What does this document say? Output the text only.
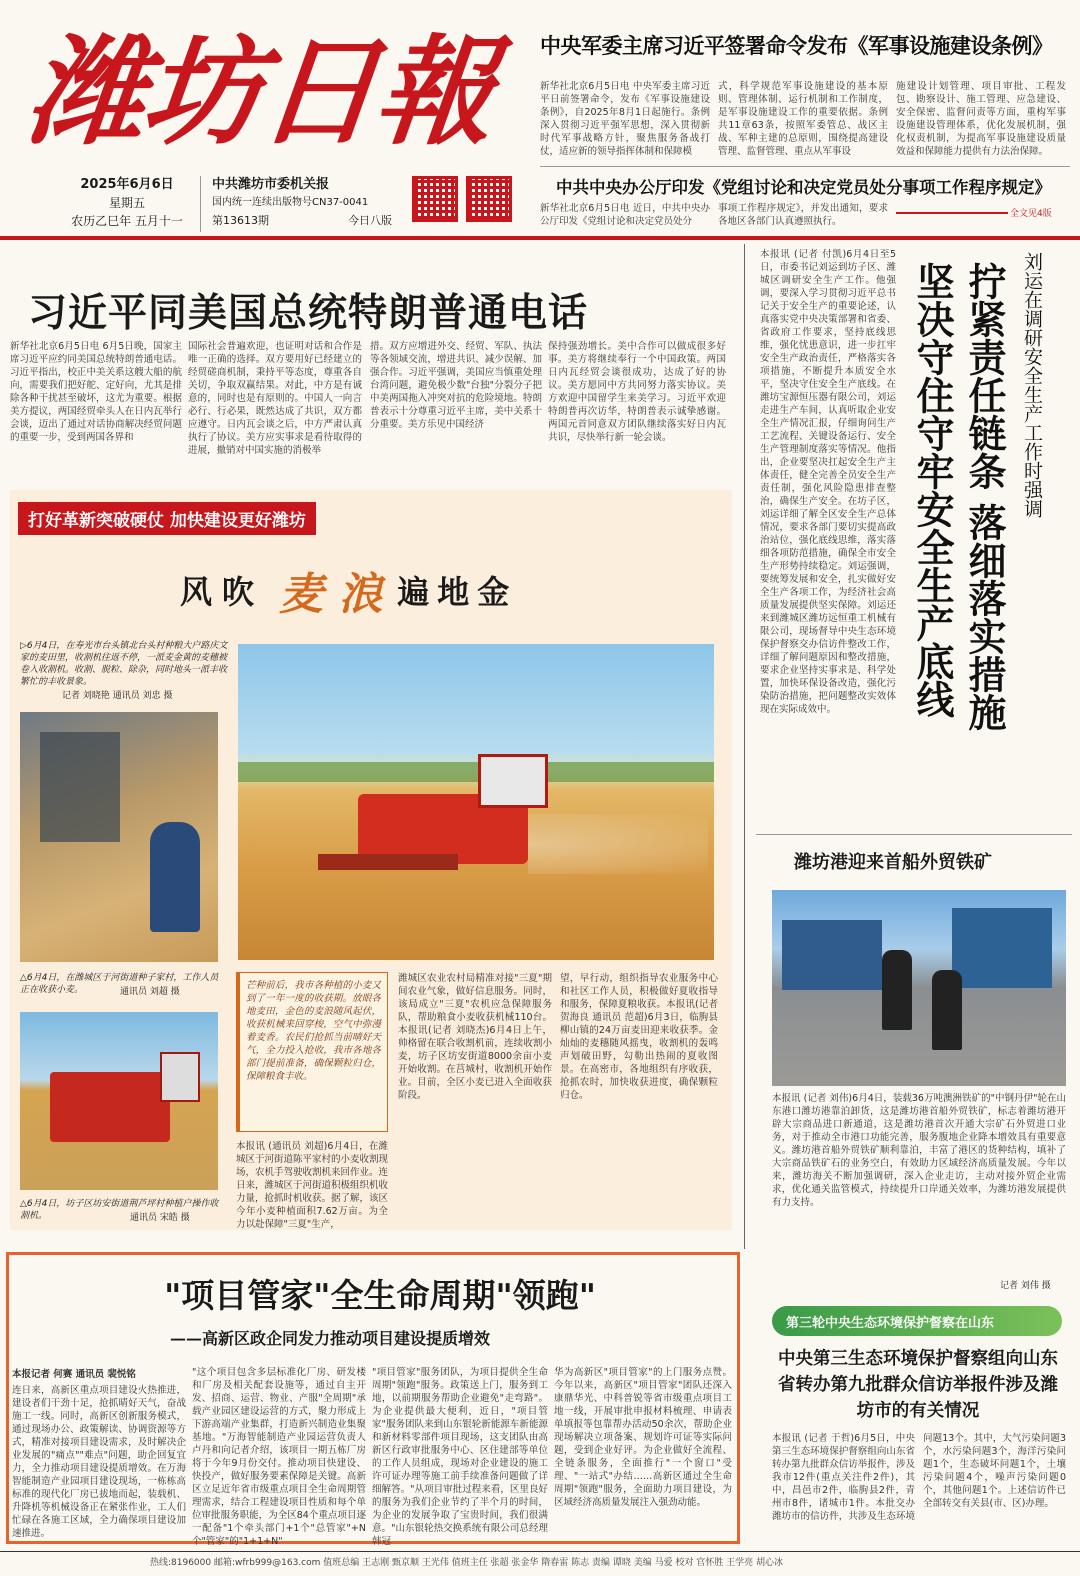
潍坊日報
2025年6月6日
星期五
农历乙巳年 五月十一
中共潍坊市委机关报
国内统一连续出版物号CN37-0041
第13613期	今日八版
中央军委主席习近平签署命令发布《军事设施建设条例》
新华社北京6月5日电 中央军委主席习近平日前签署命令，发布《军事设施建设条例》，自2025年8月1日起施行。条例深入贯彻习近平强军思想，深入贯彻新时代军事战略方针，聚焦服务备战打仗，适应新的领导指挥体制和保障模
式，科学规范军事设施建设的基本原则、管理体制、运行机制和工作制度，是军事设施建设工作的重要依据。条例共11章63条，按照军委管总、战区主战、军种主建的总原则，围绕提高建设管理、监督管理、重点从军事设
施建设计划管理、项目审批、工程发包、勘察设计、施工管理、应急建设、安全保密、监督问责等方面，重构军事设施建设管理体系，优化发展机制，强化权责机制，为提高军事设施建设质量效益和保障能力提供有力法治保障。
中共中央办公厅印发《党组讨论和决定党员处分事项工作程序规定》
新华社北京6月5日电 近日，中共中央办公厅印发《党组讨论和决定党员处分
事项工作程序规定》，并发出通知，要求各地区各部门认真遵照执行。
全文见4版
习近平同美国总统特朗普通电话
新华社北京6月5日电 6月5日晚，国家主席习近平应约同美国总统特朗普通电话。习近平指出，校正中美关系这艘大船的航向，需要我们把好舵、定好向，尤其是排除各种干扰甚至破坏，这尤为重要。根据美方提议，两国经贸牵头人在日内瓦举行会谈，迈出了通过对话协商解决经贸问题的重要一步，受到两国各界和
国际社会普遍欢迎，也证明对话和合作是唯一正确的选择。双方要用好已经建立的经贸磋商机制，秉持平等态度，尊重各自关切，争取双赢结果。对此，中方是有诚意的，同时也是有原则的。中国人一向言必行、行必果，既然达成了共识，双方都应遵守。日内瓦会谈之后，中方严肃认真执行了协议。美方应实事求是看待取得的进展，撤销对中国实施的消极举
措。双方应增进外交、经贸、军队、执法等各领域交流，增进共识、减少误解、加强合作。习近平强调，美国应当慎重处理台湾问题，避免极少数"台独"分裂分子把中美两国拖入冲突对抗的危险境地。特朗普表示十分尊重习近平主席，美中关系十分重要。美方乐见中国经济
保持强劲增长。美中合作可以做成很多好事。美方将继续奉行一个中国政策。两国日内瓦经贸会谈很成功，达成了好的协议。美方愿同中方共同努力落实协议。美方欢迎中国留学生来美学习。习近平欢迎特朗普再次访华，特朗普表示诚挚感谢。两国元首同意双方团队继续落实好日内瓦共识，尽快举行新一轮会谈。
打好革新突破硬仗 加快建设更好潍坊
风吹 麦 浪 遍地金
▷6月4日，在寿光市台头镇北台头村种粮大户路庆文家的麦田里，收割机往返不停，一派麦金黄的麦穗被卷入收割机。收割、脱粒、除杂，同时地头一派丰收繁忙的丰收景象。
记者 刘晓艳 通讯员 刘忠 摄
△6月4日，在潍城区于河街道种子家村，工作人员正在收获小麦。	通讯员 刘超 摄
△6月4日，坊子区坊安街道荆芦坪村种植户操作收割机。	通讯员 宋皓 摄
芒种前后，我市各种植的小麦又到了一年一度的收获期。放眼各地麦田，金色的麦浪随风起伏，收获机械来回穿梭，空气中弥漫着麦香。农民们抢抓当前晴好天气，全力投入抢收，我市各地各部门提前准备，确保颗粒归仓，保障粮食丰收。
本报讯 (通讯员 刘超)6月4日，在潍城区于河街道陈平家村的小麦收割现场，农机手驾驶收割机来回作业。连日来，潍城区于河街道积极组织机收力量，抢抓时机收获。据了解，该区今年小麦种植面积7.62万亩。为全力以赴保障"三夏"生产，
潍城区农业农村局精准对接"三夏"期间农业气象，做好信息服务。同时，该局成立"三夏"农机应急保障服务队，帮助粮食小麦收获机械110台。本报讯(记者 刘晓杰)6月4日上午，帅格留在联合收割机前，连续收割小麦，坊子区坊安街道8000余亩小麦开始收割。在莒城村，收割机开始作业。目前，全区小麦已进入全面收获阶段。
望，早行动，组织指导农业服务中心和社区工作人员，积极做好夏收指导和服务，保障夏粮收获。本报讯(记者 贺海良 通讯员 范超)6月3日，临朐县柳山镇的24万亩麦田迎来收获季。金灿灿的麦穗随风摇曳，收割机的轰鸣声划破田野，勾勒出热闹的夏收图景。在高密市，各地组织有序收获，抢抓农时，加快收获进度，确保颗粒归仓。
本报讯 (记者 付凯)6月4日至5日，市委书记刘运到坊子区、潍城区调研安全生产工作。他强调，要深入学习贯彻习近平总书记关于安全生产的重要论述，认真落实党中央决策部署和省委、省政府工作要求，坚持底线思维，强化忧患意识，进一步扛牢安全生产政治责任，严格落实各项措施，不断提升本质安全水平，坚决守住安全生产底线。在潍坊宝源恒压器有限公司，刘运走进生产车间，认真听取企业安全生产情况汇报，仔细询问生产工艺流程、关键设备运行、安全生产管理制度落实等情况。他指出，企业要坚决扛起安全生产主体责任，健全完善全员安全生产责任制，强化风险隐患排查整治，确保生产安全。在坊子区，刘运详细了解全区安全生产总体情况，要求各部门要切实提高政治站位，强化底线思维，落实落细各项防范措施，确保全市安全生产形势持续稳定。刘运强调，要统筹发展和安全，扎实做好安全生产各项工作，为经济社会高质量发展提供坚实保障。刘运还来到潍城区潍坊远恒重工机械有限公司，现场督导中央生态环境保护督察交办信访件整改工作，详细了解问题原因和整改措施，要求企业坚持实事求是、科学处置，加快环保设备改造，强化污染防治措施，把问题整改实效体现在实际成效中。	坚决守住守牢安全生产底线 拧紧责任链条 落细落实措施 刘运在调研安全生产工作时强调
潍坊港迎来首船外贸铁矿
本报讯 (记者 刘伟)6月4日，装载36万吨澳洲铁矿的"中钢丹伊"轮在山东港口潍坊港靠泊卸货，这是潍坊港首船外贸铁矿，标志着潍坊港开辟大宗商品进口新通道，这是潍坊港首次开通大宗矿石外贸进口业务，对于推动全市港口功能完善，服务腹地企业降本增效具有重要意义。潍坊港首船外贸铁矿顺利靠泊，丰富了港区的货种结构，填补了大宗商品铁矿石的业务空白，有效助力区域经济高质量发展。今年以来，潍坊海关不断加强调研，深入企业走访，主动对接外贸企业需求，优化通关监管模式，持续提升口岸通关效率，为潍坊港发展提供有力支持。
记者 刘伟 摄
第三轮中央生态环境保护督察在山东
中央第三生态环境保护督察组向山东省转办第九批群众信访举报件涉及潍坊市的有关情况
本报讯 (记者 于哲)6月5日，中央第三生态环境保护督察组向山东省转办第九批群众信访举报件，涉及我市12件(重点关注件2件)，其中，昌邑市2件，临朐县2件，青州市8件，诸城市1件。本批交办潍坊市的信访件，共涉及生态环境问题13个。其中，大气污染问题3个，水污染问题3个，海洋污染问题1个，生态破坏问题1个，土壤污染问题4个，噪声污染问题0个，其他问题1个。上述信访件已全部转交有关县(市、区)办理。
"项目管家"全生命周期"领跑"
——高新区政企同发力推动项目建设提质增效
本报记者 何赛 通讯员 裴悦铭
连日来，高新区重点项目建设火热推进，建设者们干劲十足，抢抓晴好天气，奋战施工一线。同时，高新区创新服务模式，通过现场办公、政策解读、协调资源等方式，精准对接项目建设需求，及时解决企业发展的"痛点""难点"问题，助企回复宜力，全力推动项目建设提质增效。在万海智能制造产业园项目建设现场，一栋栋高标准的现代化厂房已拔地而起，装载机、升降机等机械设备正在紧张作业，工人们忙碌在各施工区域，全力确保项目建设加速推进。
"这个项目包含多层标准化厂房、研发楼和厂房及相关配套设施等，通过自主开发、招商、运营、物业、产服"全周期"承载产业园区建设运营的方式，聚力形成上下游高端产业集群，打造新兴制造业集聚基地。"万海智能制造产业园运营负责人卢丹和向记者介绍，该项目一期五栋厂房将于今年9月份交付。推动项目快建设、快投产，做好服务要素保障是关键。高新区立足近年省市级重点项目全生命周期管理需求，结合工程建设项目性质和每个单位审批服务职能，为全区84个重点项目逐一配备"1个牵头部门+1个"总管家"+N个"管家"的"1+1+N"
"项目管家"服务团队，为项目提供全生命周期"领跑"服务。政策送上门，服务到工地，以前期服务帮助企业避免"走弯路"。为企业提供最大便利，近日，"项目管家"服务团队来到山东银轮新能源车新能源和新材料零部件项目现场，这支团队由高新区行政审批服务中心、区住建部等单位的工作人员组成，现场对企业建设的施工许可证办理等施工前手续准备问题做了详细解答。"从项目审批过程来看，区里良好的服务为我们企业节约了半个月的时间，为企业的发展争取了宝贵时间，我们很满意。"山东银轮热交换系统有限公司总经理韩冠
华为高新区"项目管家"的上门服务点赞。今年以来，高新区"项目管家"团队还深入康鼎华光、中科普锐等省市级重点项目工地一线，开展审批申报材料梳理、申请表单填报等包靠帮办活动50余次，帮助企业现场解决立项备案、规划许可证等实际问题，受到企业好评。为企业做好全流程、全链条服务，全面推行"一个窗口"受理、"一站式"办结……高新区通过全生命周期"领跑"服务，全面助力项目建设，为区域经济高质量发展注入强劲动能。
热线:8196000 邮箱:wfrb999@163.com 值班总编 王志刚 甄京顺 王光伟 值班主任 张超 张金华 隋春雷 陈志 责编 谭晓 美编 马爱 校对 官怀胜 王学亮 胡心冰
